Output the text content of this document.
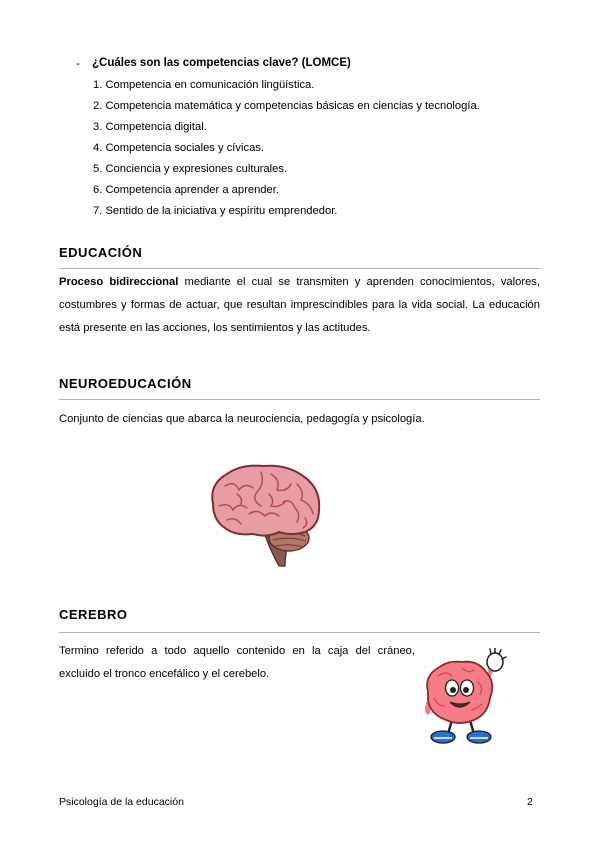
- ¿Cuáles son las competencias clave? (LOMCE)
1. Competencia en comunicación lingüística.
2. Competencia matemática y competencias básicas en ciencias y tecnología.
3. Competencia digital.
4. Competencia sociales y cívicas.
5. Conciencia y expresiones culturales.
6. Competencia aprender a aprender.
7. Sentido de la iniciativa y espíritu emprendedor.
EDUCACIÓN

Proceso bidireccional mediante el cual se transmiten y aprenden conocimientos, valores, costumbres y formas de actuar, que resultan imprescindibles para la vida social. La educación está presente en las acciones, los sentimientos y las actitudes.

NEUROEDUCACIÓN

Conjunto de ciencias que abarca la neurociencia, pedagogía y psicología.

CEREBRO
Termino referido a todo aquello contenido en la caja del cráneo,
excluido el tronco encefálico y el cerebelo.
Psicología de la educación	2
